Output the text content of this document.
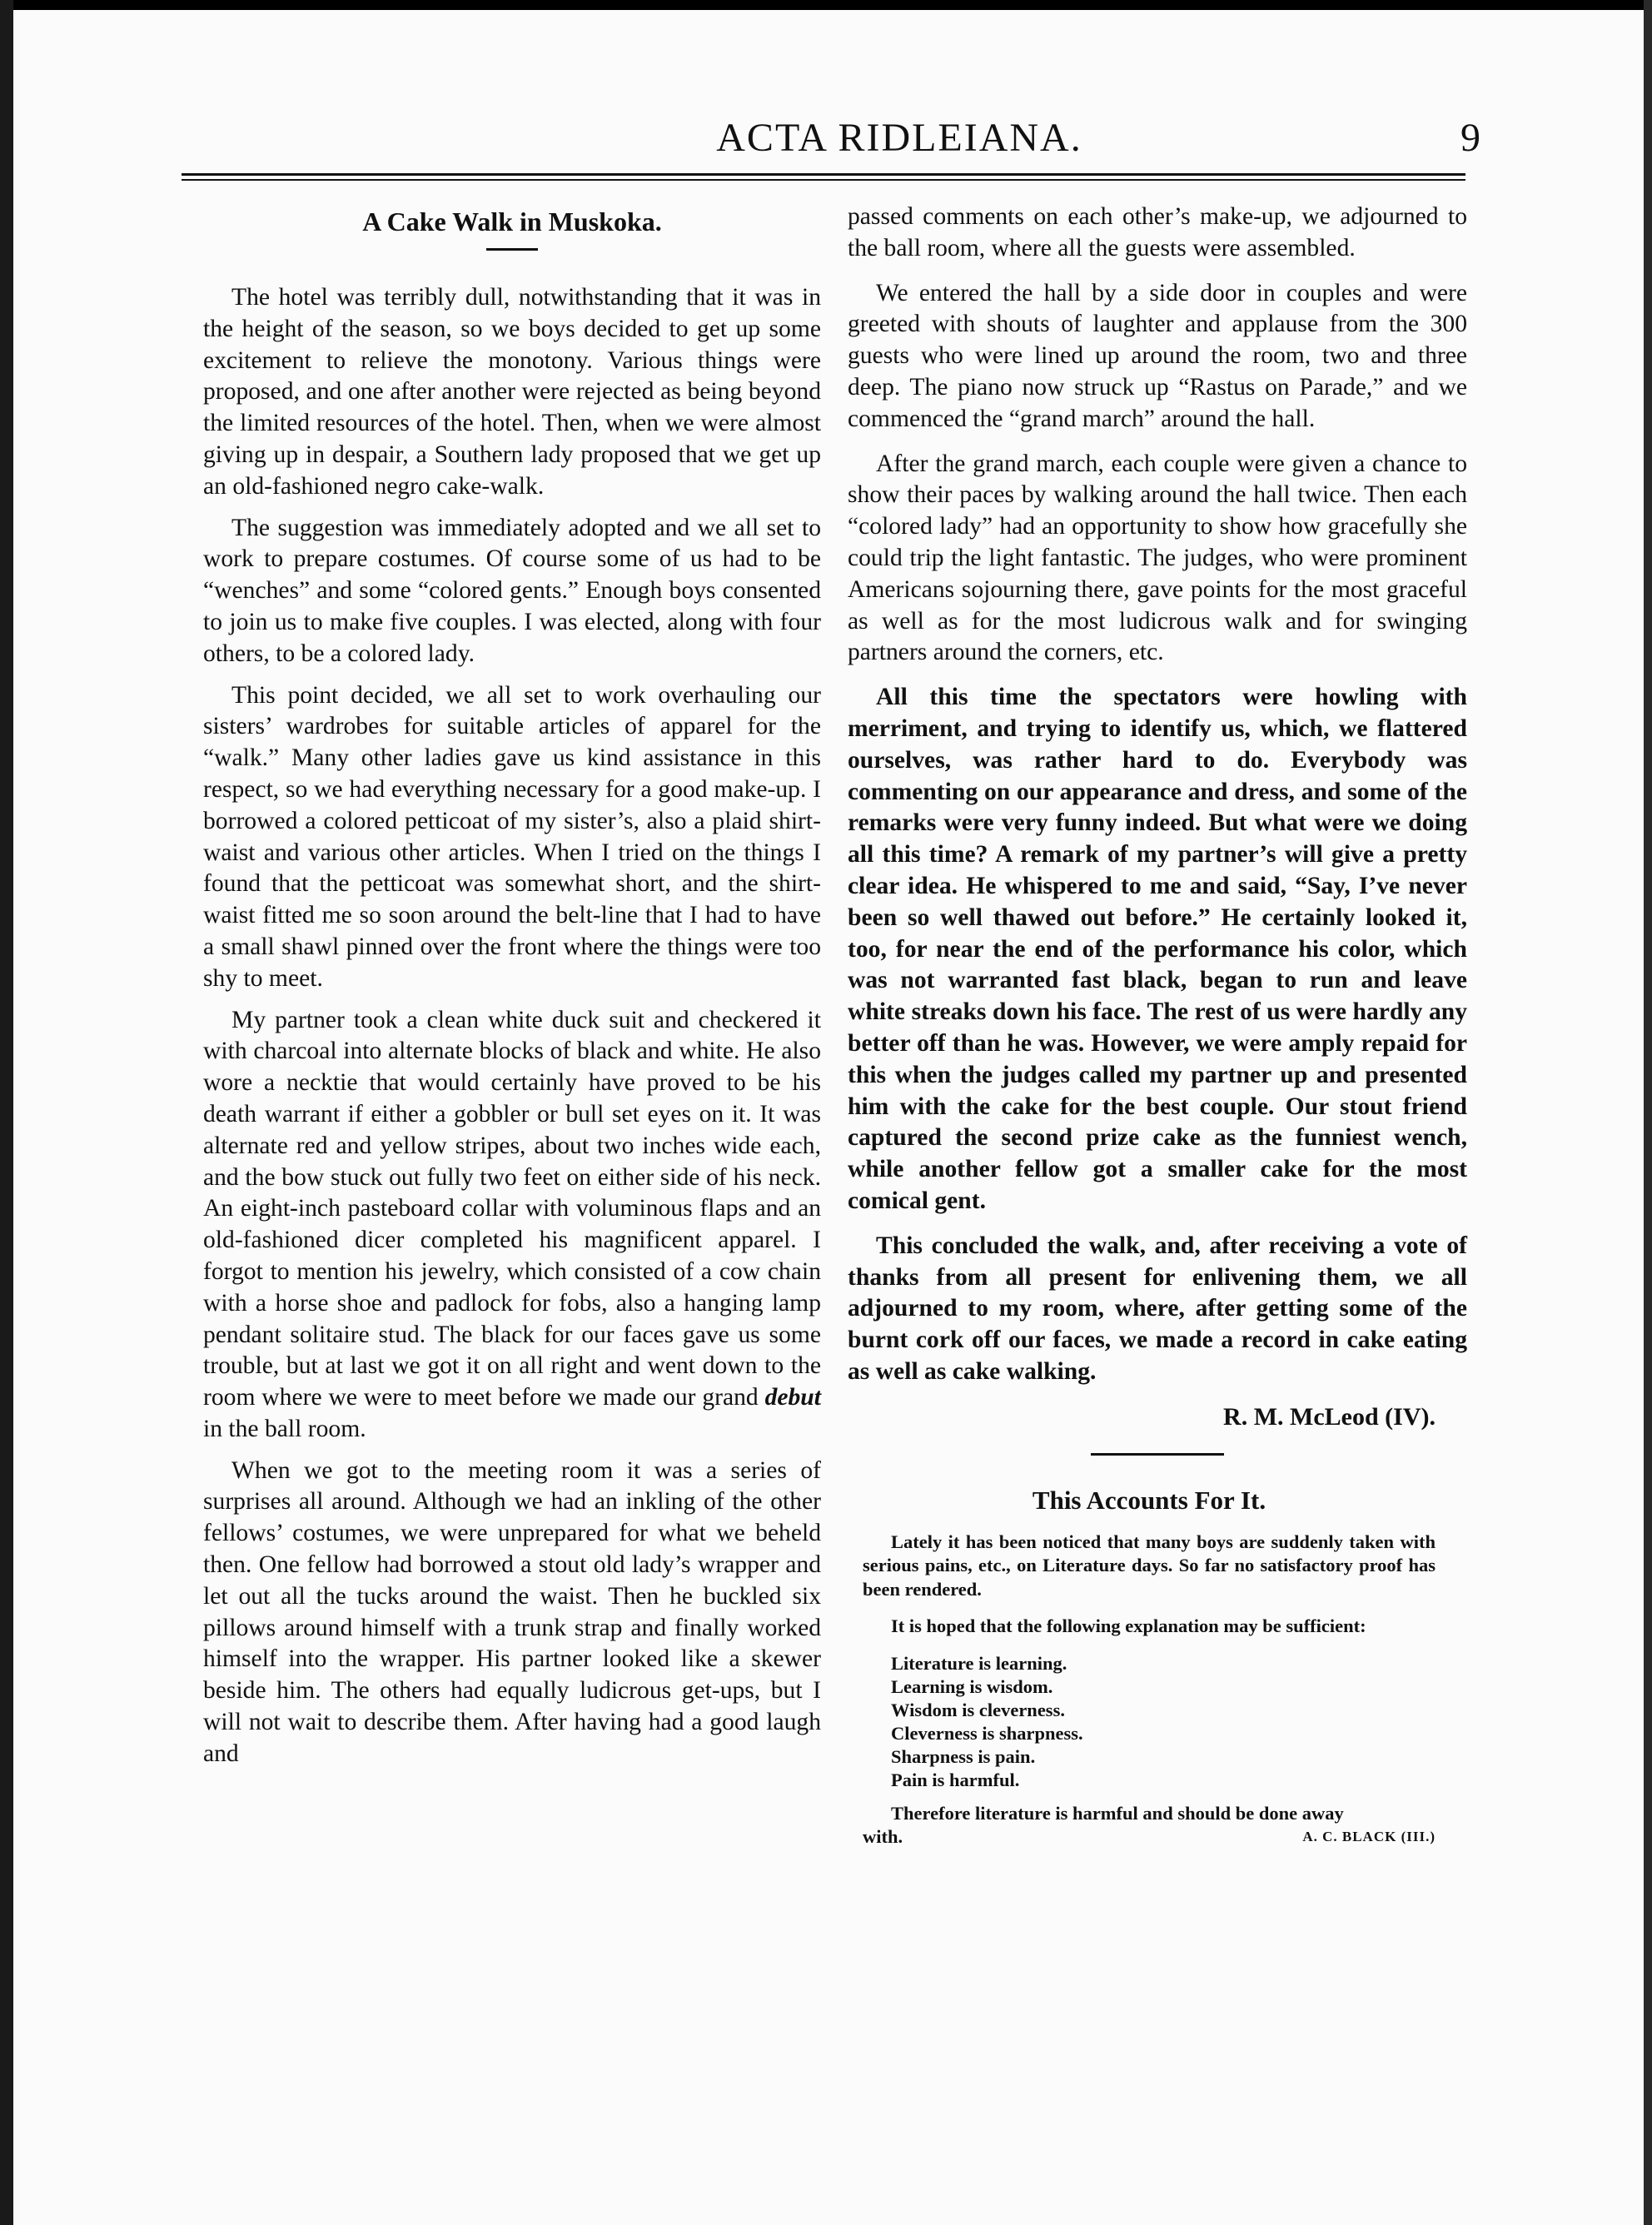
ACTA RIDLEIANA.	9
A Cake Walk in Muskoka.

The hotel was terribly dull, notwithstanding that it was in the height of the season, so we boys decided to get up some excitement to relieve the monotony. Various things were proposed, and one after another were rejected as being beyond the limited resources of the hotel. Then, when we were almost giving up in despair, a Southern lady proposed that we get up an old-fashioned negro cake-walk.

The suggestion was immediately adopted and we all set to work to prepare costumes. Of course some of us had to be “wenches” and some “colored gents.” Enough boys consented to join us to make five couples. I was elected, along with four others, to be a colored lady.

This point decided, we all set to work overhauling our sisters’ wardrobes for suitable articles of apparel for the “walk.” Many other ladies gave us kind assistance in this respect, so we had everything necessary for a good make-up. I borrowed a colored petticoat of my sister’s, also a plaid shirt-waist and various other articles. When I tried on the things I found that the petticoat was somewhat short, and the shirt-waist fitted me so soon around the belt-line that I had to have a small shawl pinned over the front where the things were too shy to meet.

My partner took a clean white duck suit and checkered it with charcoal into alternate blocks of black and white. He also wore a necktie that would certainly have proved to be his death warrant if either a gobbler or bull set eyes on it. It was alternate red and yellow stripes, about two inches wide each, and the bow stuck out fully two feet on either side of his neck. An eight-inch pasteboard collar with voluminous flaps and an old-fashioned dicer completed his magnificent apparel. I forgot to mention his jewelry, which consisted of a cow chain with a horse shoe and padlock for fobs, also a hanging lamp pendant solitaire stud. The black for our faces gave us some trouble, but at last we got it on all right and went down to the room where we were to meet before we made our grand debut in the ball room.

When we got to the meeting room it was a series of surprises all around. Although we had an inkling of the other fellows’ costumes, we were unprepared for what we beheld then. One fellow had borrowed a stout old lady’s wrapper and let out all the tucks around the waist. Then he buckled six pillows around himself with a trunk strap and finally worked himself into the wrapper. His partner looked like a skewer beside him. The others had equally ludicrous get-ups, but I will not wait to describe them. After having had a good laugh and

passed comments on each other’s make-up, we adjourned to the ball room, where all the guests were assembled.

We entered the hall by a side door in couples and were greeted with shouts of laughter and applause from the 300 guests who were lined up around the room, two and three deep. The piano now struck up “Rastus on Parade,” and we commenced the “grand march” around the hall.

After the grand march, each couple were given a chance to show their paces by walking around the hall twice. Then each “colored lady” had an opportunity to show how gracefully she could trip the light fantastic. The judges, who were prominent Americans sojourning there, gave points for the most graceful as well as for the most ludicrous walk and for swinging partners around the corners, etc.

All this time the spectators were howling with merriment, and trying to identify us, which, we flattered ourselves, was rather hard to do. Everybody was commenting on our appearance and dress, and some of the remarks were very funny indeed. But what were we doing all this time? A remark of my partner’s will give a pretty clear idea. He whispered to me and said, “Say, I’ve never been so well thawed out before.” He certainly looked it, too, for near the end of the performance his color, which was not warranted fast black, began to run and leave white streaks down his face. The rest of us were hardly any better off than he was. However, we were amply repaid for this when the judges called my partner up and presented him with the cake for the best couple. Our stout friend captured the second prize cake as the funniest wench, while another fellow got a smaller cake for the most comical gent.

This concluded the walk, and, after receiving a vote of thanks from all present for enlivening them, we all adjourned to my room, where, after getting some of the burnt cork off our faces, we made a record in cake eating as well as cake walking.

R. M. McLeod (IV).
This Accounts For It.

Lately it has been noticed that many boys are suddenly taken with serious pains, etc., on Literature days. So far no satisfactory proof has been rendered.

It is hoped that the following explanation may be sufficient:

Literature is learning.
Learning is wisdom.
Wisdom is cleverness.
Cleverness is sharpness.
Sharpness is pain.
Pain is harmful.
Therefore literature is harmful and should be done away
with.	A. C. BLACK (III.)
